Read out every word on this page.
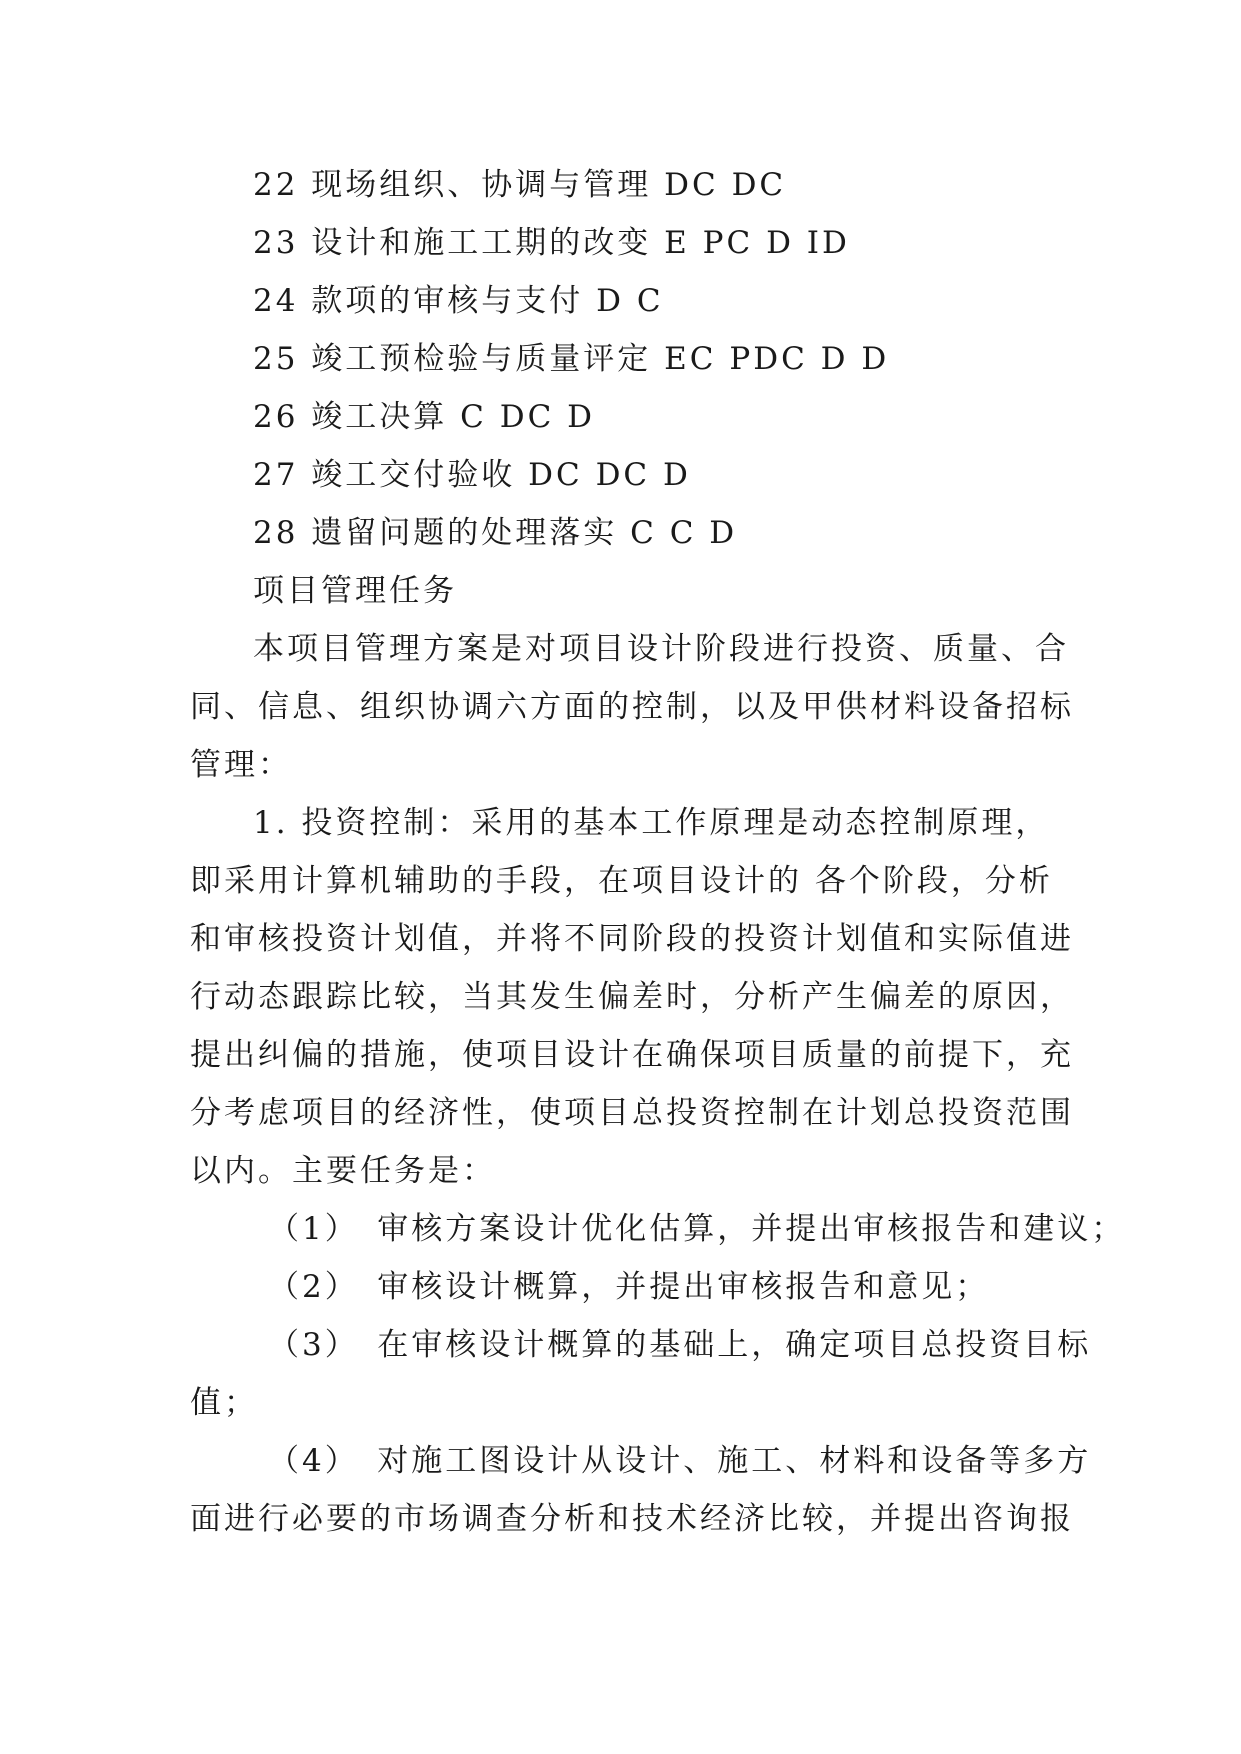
22 现场组织、协调与管理 DC DC
23 设计和施工工期的改变 E PC D ID
24 款项的审核与支付 D C
25 竣工预检验与质量评定 EC PDC D D
26 竣工决算 C DC D
27 竣工交付验收 DC DC D
28 遗留问题的处理落实 C C D
项目管理任务
本项目管理方案是对项目设计阶段进行投资、质量、合
同、信息、组织协调六方面的控制，以及甲供材料设备招标
管理：
1. 投资控制：采用的基本工作原理是动态控制原理，
即采用计算机辅助的手段，在项目设计的 各个阶段，分析
和审核投资计划值，并将不同阶段的投资计划值和实际值进
行动态跟踪比较，当其发生偏差时，分析产生偏差的原因，
提出纠偏的措施，使项目设计在确保项目质量的前提下，充
分考虑项目的经济性，使项目总投资控制在计划总投资范围
以内。主要任务是：
（1）　审核方案设计优化估算，并提出审核报告和建议；
（2）　审核设计概算，并提出审核报告和意见；
（3）　在审核设计概算的基础上，确定项目总投资目标
值；
（4）　对施工图设计从设计、施工、材料和设备等多方
面进行必要的市场调查分析和技术经济比较，并提出咨询报
